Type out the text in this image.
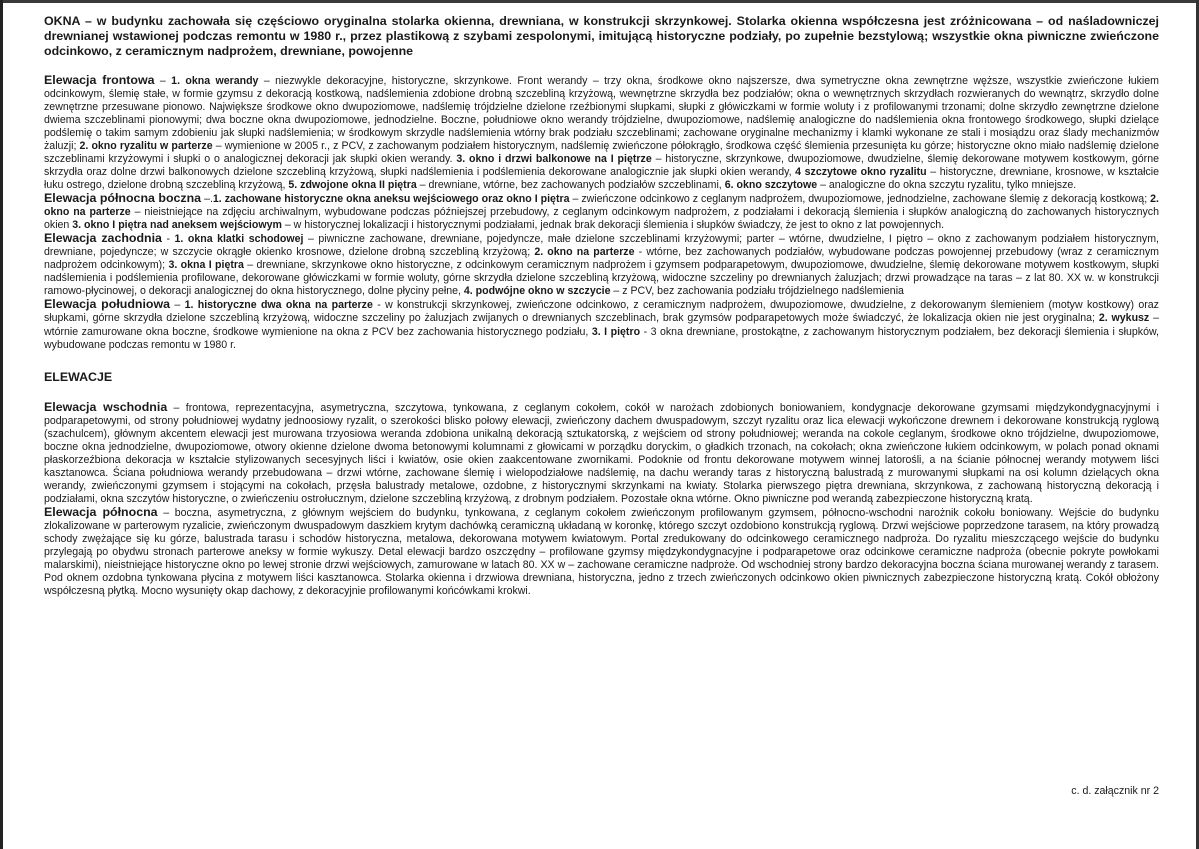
OKNA – w budynku zachowała się częściowo oryginalna stolarka okienna, drewniana, w konstrukcji skrzynkowej. Stolarka okienna współczesna jest zróżnicowana – od naśladowniczej drewnianej wstawionej podczas remontu w 1980 r., przez plastikową z szybami zespolonymi, imitującą historyczne podziały, po zupełnie bezstylową; wszystkie okna piwniczne zwieńczone odcinkowo, z ceramicznym nadprożem, drewniane, powojenne

Elewacja frontowa – 1. okna werandy – niezwykle dekoracyjne, historyczne, skrzynkowe. Front werandy – trzy okna, środkowe okno najszersze, dwa symetryczne okna zewnętrzne węższe, wszystkie zwieńczone łukiem odcinkowym, ślemię stałe, w formie gzymsu z dekoracją kostkową, nadślemienia zdobione drobną szczebliną krzyżową, wewnętrzne skrzydła bez podziałów; okna o wewnętrznych skrzydłach rozwieranych do wewnątrz, skrzydło dolne zewnętrzne przesuwane pionowo. Największe środkowe okno dwupoziomowe, nadślemię trójdzielne dzielone rzeźbionymi słupkami, słupki z główiczkami w formie woluty i z profilowanymi trzonami; dolne skrzydło zewnętrzne dzielone dwiema szczeblinami pionowymi; dwa boczne okna dwupoziomowe, jednodzielne. Boczne, południowe okno werandy trójdzielne, dwupoziomowe, nadślemię analogiczne do nadślemienia okna frontowego środkowego, słupki dzielące podślemię o takim samym zdobieniu jak słupki nadślemienia; w środkowym skrzydle nadślemienia wtórny brak podziału szczeblinami; zachowane oryginalne mechanizmy i klamki wykonane ze stali i mosiądzu oraz ślady mechanizmów żaluzji; 2. okno ryzalitu w parterze – wymienione w 2005 r., z PCV, z zachowanym podziałem historycznym, nadślemię zwieńczone półokrągło, środkowa część ślemienia przesunięta ku górze; historyczne okno miało nadślemię dzielone szczeblinami krzyżowymi i słupki o o analogicznej dekoracji jak słupki okien werandy. 3. okno i drzwi balkonowe na I piętrze – historyczne, skrzynkowe, dwupoziomowe, dwudzielne, ślemię dekorowane motywem kostkowym, górne skrzydła oraz dolne drzwi balkonowych dzielone szczebliną krzyżową, słupki nadślemienia i podślemienia dekorowane analogicznie jak słupki okien werandy, 4 szczytowe okno ryzalitu – historyczne, drewniane, krosnowe, w kształcie łuku ostrego, dzielone drobną szczebliną krzyżową, 5. zdwojone okna II piętra – drewniane, wtórne, bez zachowanych podziałów szczeblinami, 6. okno szczytowe – analogiczne do okna szczytu ryzalitu, tylko mniejsze.

Elewacja północna boczna –.1. zachowane historyczne okna aneksu wejściowego oraz okno I piętra – zwieńczone odcinkowo z ceglanym nadprożem, dwupoziomowe, jednodzielne, zachowane ślemię z dekoracją kostkową; 2. okno na parterze – nieistniejące na zdjęciu archiwalnym, wybudowane podczas późniejszej przebudowy, z ceglanym odcinkowym nadprożem, z podziałami i dekoracją ślemienia i słupków analogiczną do zachowanych historycznych okien 3. okno I piętra nad aneksem wejściowym – w historycznej lokalizacji i historycznymi podziałami, jednak brak dekoracji ślemienia i słupków świadczy, że jest to okno z lat powojennych.

Elewacja zachodnia - 1. okna klatki schodowej – piwniczne zachowane, drewniane, pojedyncze, małe dzielone szczeblinami krzyżowymi; parter – wtórne, dwudzielne, I piętro – okno z zachowanym podziałem historycznym, drewniane, pojedyncze; w szczycie okrągłe okienko krosnowe, dzielone drobną szczebliną krzyżową; 2. okno na parterze - wtórne, bez zachowanych podziałów, wybudowane podczas powojennej przebudowy (wraz z ceramicznym nadprożem odcinkowym); 3. okna I piętra – drewniane, skrzynkowe okno historyczne, z odcinkowym ceramicznym nadprożem i gzymsem podparapetowym, dwupoziomowe, dwudzielne, ślemię dekorowane motywem kostkowym, słupki nadślemienia i podślemienia profilowane, dekorowane główiczkami w formie woluty, górne skrzydła dzielone szczebliną krzyżową, widoczne szczeliny po drewnianych żaluzjach; drzwi prowadzące na taras – z lat 80. XX w. w konstrukcji ramowo-płycinowej, o dekoracji analogicznej do okna historycznego, dolne płyciny pełne, 4. podwójne okno w szczycie – z PCV, bez zachowania podziału trójdzielnego nadślemienia

Elewacja południowa – 1. historyczne dwa okna na parterze - w konstrukcji skrzynkowej, zwieńczone odcinkowo, z ceramicznym nadprożem, dwupoziomowe, dwudzielne, z dekorowanym ślemieniem (motyw kostkowy) oraz słupkami, górne skrzydła dzielone szczebliną krzyżową, widoczne szczeliny po żaluzjach zwijanych o drewnianych szczeblinach, brak gzymsów podparapetowych może świadczyć, że lokalizacja okien nie jest oryginalna; 2. wykusz – wtórnie zamurowane okna boczne, środkowe wymienione na okna z PCV bez zachowania historycznego podziału, 3. I piętro - 3 okna drewniane, prostokątne, z zachowanym historycznym podziałem, bez dekoracji ślemienia i słupków, wybudowane podczas remontu w 1980 r.

ELEWACJE

Elewacja wschodnia – frontowa, reprezentacyjna, asymetryczna, szczytowa, tynkowana, z ceglanym cokołem, cokół w narożach zdobionych boniowaniem, kondygnacje dekorowane gzymsami międzykondygnacyjnymi i podparapetowymi, od strony południowej wydatny jednoosiowy ryzalit, o szerokości blisko połowy elewacji, zwieńczony dachem dwuspadowym, szczyt ryzalitu oraz lica elewacji wykończone drewnem i dekorowane konstrukcją ryglową (szachulcem), głównym akcentem elewacji jest murowana trzyosiowa weranda zdobiona unikalną dekoracją sztukatorską, z wejściem od strony południowej; weranda na cokole ceglanym, środkowe okno trójdzielne, dwupoziomowe, boczne okna jednodzielne, dwupoziomowe, otwory okienne dzielone dwoma betonowymi kolumnami z głowicami w porządku doryckim, o gładkich trzonach, na cokołach; okna zwieńczone łukiem odcinkowym, w polach ponad oknami płaskorzeźbiona dekoracja w kształcie stylizowanych secesyjnych liści i kwiatów, osie okien zaakcentowane zwornikami. Podoknie od frontu dekorowane motywem winnej latorośli, a na ścianie północnej werandy motywem liści kasztanowca. Ściana południowa werandy przebudowana – drzwi wtórne, zachowane ślemię i wielopodziałowe nadślemię, na dachu werandy taras z historyczną balustradą z murowanymi słupkami na osi kolumn dzielących okna werandy, zwieńczonymi gzymsem i stojącymi na cokołach, przęsła balustrady metalowe, ozdobne, z historycznymi skrzynkami na kwiaty. Stolarka pierwszego piętra drewniana, skrzynkowa, z zachowaną historyczną dekoracją i podziałami, okna szczytów historyczne, o zwieńczeniu ostrołucznym, dzielone szczebliną krzyżową, z drobnym podziałem. Pozostałe okna wtórne. Okno piwniczne pod werandą zabezpieczone historyczną kratą.

Elewacja północna – boczna, asymetryczna, z głównym wejściem do budynku, tynkowana, z ceglanym cokołem zwieńczonym profilowanym gzymsem, północno-wschodni narożnik cokołu boniowany. Wejście do budynku zlokalizowane w parterowym ryzalicie, zwieńczonym dwuspadowym daszkiem krytym dachówką ceramiczną układaną w koronkę, którego szczyt ozdobiono konstrukcją ryglową. Drzwi wejściowe poprzedzone tarasem, na który prowadzą schody zwężające się ku górze, balustrada tarasu i schodów historyczna, metalowa, dekorowana motywem kwiatowym. Portal zredukowany do odcinkowego ceramicznego nadproża. Do ryzalitu mieszczącego wejście do budynku przylegają po obydwu stronach parterowe aneksy w formie wykuszy. Detal elewacji bardzo oszczędny – profilowane gzymsy międzykondygnacyjne i podparapetowe oraz odcinkowe ceramiczne nadproża (obecnie pokryte powłokami malarskimi), nieistniejące historyczne okno po lewej stronie drzwi wejściowych, zamurowane w latach 80. XX w – zachowane ceramiczne nadproże. Od wschodniej strony bardzo dekoracyjna boczna ściana murowanej werandy z tarasem. Pod oknem ozdobna tynkowana płycina z motywem liści kasztanowca. Stolarka okienna i drzwiowa drewniana, historyczna, jedno z trzech zwieńczonych odcinkowo okien piwnicznych zabezpieczone historyczną kratą. Cokół obłożony współczesną płytką. Mocno wysunięty okap dachowy, z dekoracyjnie profilowanymi końcówkami krokwi.

c. d. załącznik nr 2
